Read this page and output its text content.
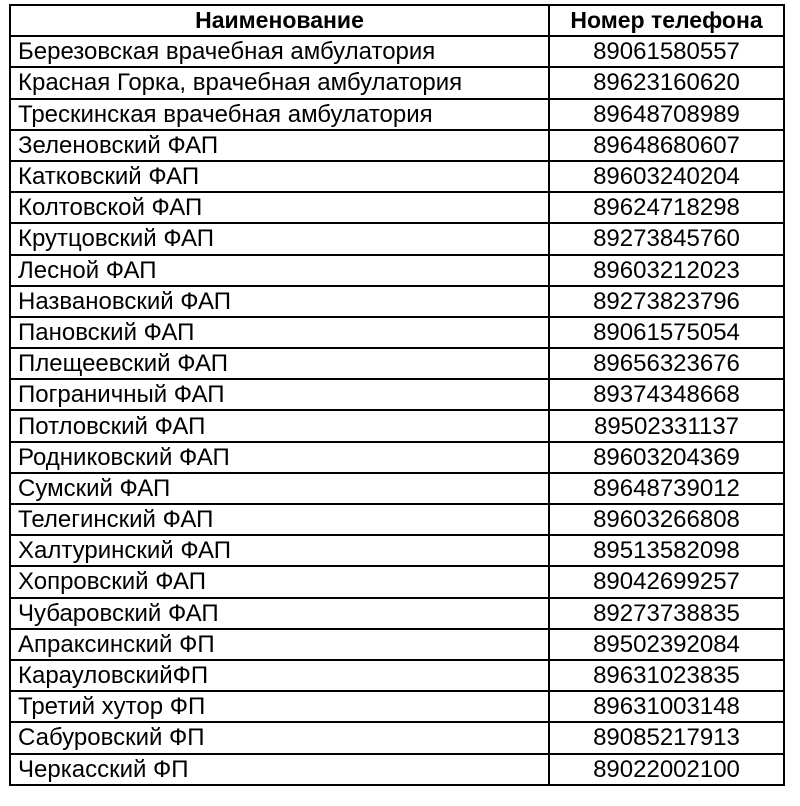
Наименование	Номер телефона
Березовская врачебная амбулатория	89061580557
Красная Горка, врачебная амбулатория	89623160620
Трескинская врачебная амбулатория	89648708989
Зеленовский ФАП	89648680607
Катковский ФАП	89603240204
Колтовской ФАП	89624718298
Крутцовский ФАП	89273845760
Лесной ФАП	89603212023
Названовский ФАП	89273823796
Пановский ФАП	89061575054
Плещеевский ФАП	89656323676
Пограничный ФАП	89374348668
Потловский ФАП	89502331137
Родниковский ФАП	89603204369
Сумский ФАП	89648739012
Телегинский ФАП	89603266808
Халтуринский ФАП	89513582098
Хопровский ФАП	89042699257
Чубаровский ФАП	89273738835
Апраксинский ФП	89502392084
КарауловскийФП	89631023835
Третий хутор ФП	89631003148
Сабуровский ФП	89085217913
Черкасский ФП	89022002100
